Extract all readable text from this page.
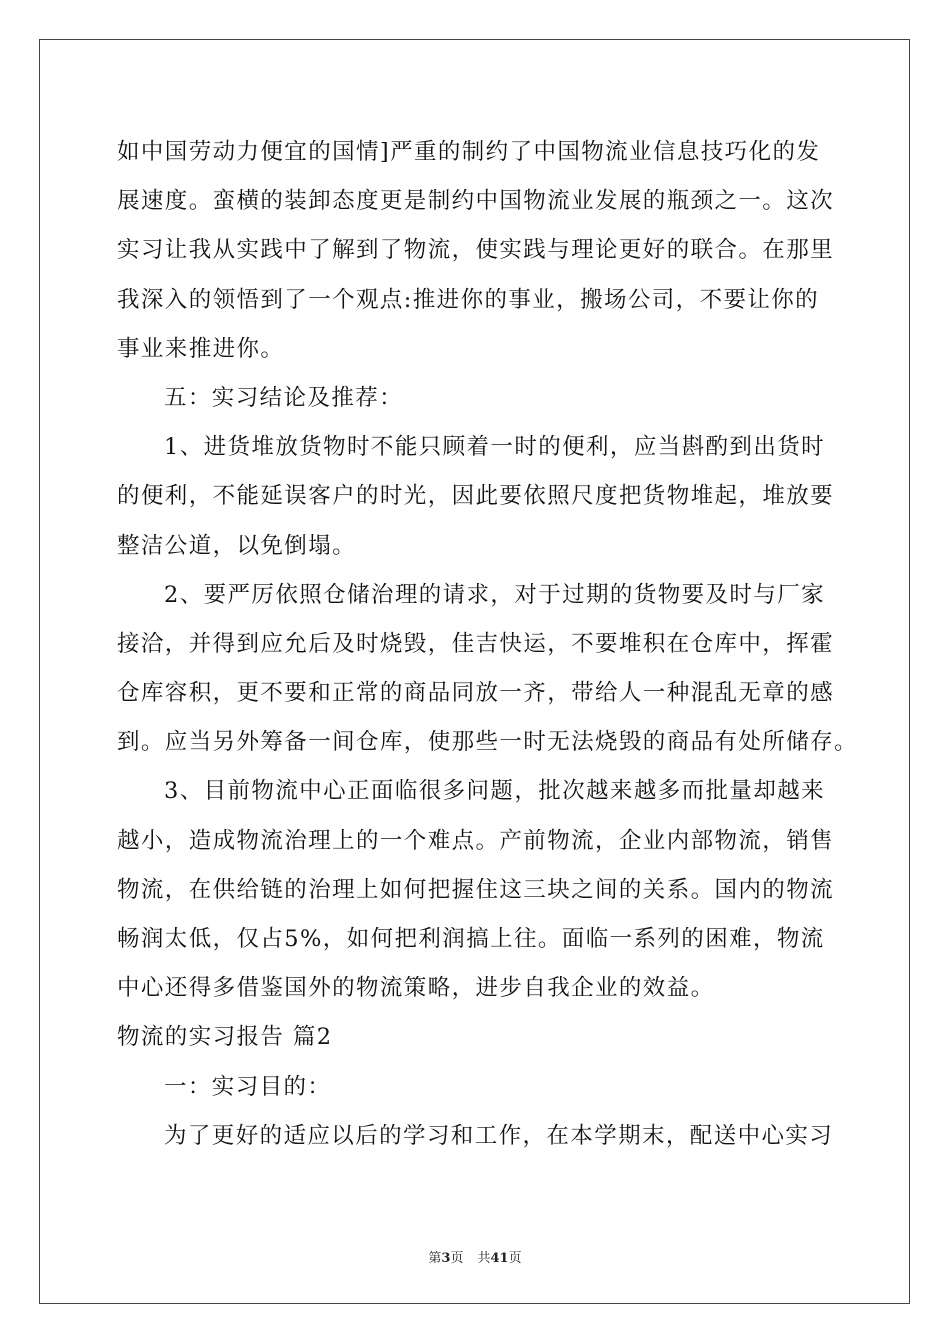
如中国劳动力便宜的国情]严重的制约了中国物流业信息技巧化的发
展速度。蛮横的装卸态度更是制约中国物流业发展的瓶颈之一。这次
实习让我从实践中了解到了物流，使实践与理论更好的联合。在那里
我深入的领悟到了一个观点:推进你的事业，搬场公司，不要让你的
事业来推进你。
五：实习结论及推荐：
1、进货堆放货物时不能只顾着一时的便利，应当斟酌到出货时
的便利，不能延误客户的时光，因此要依照尺度把货物堆起，堆放要
整洁公道，以免倒塌。
2、要严厉依照仓储治理的请求，对于过期的货物要及时与厂家
接洽，并得到应允后及时烧毁，佳吉快运，不要堆积在仓库中，挥霍
仓库容积，更不要和正常的商品同放一齐，带给人一种混乱无章的感
到。应当另外筹备一间仓库，使那些一时无法烧毁的商品有处所储存。
3、目前物流中心正面临很多问题，批次越来越多而批量却越来
越小，造成物流治理上的一个难点。产前物流，企业内部物流，销售
物流，在供给链的治理上如何把握住这三块之间的关系。国内的物流
畅润太低，仅占5%，如何把利润搞上往。面临一系列的困难，物流
中心还得多借鉴国外的物流策略，进步自我企业的效益。
物流的实习报告 篇2
一：实习目的：
为了更好的适应以后的学习和工作，在本学期末，配送中心实习
第3页 共41页
